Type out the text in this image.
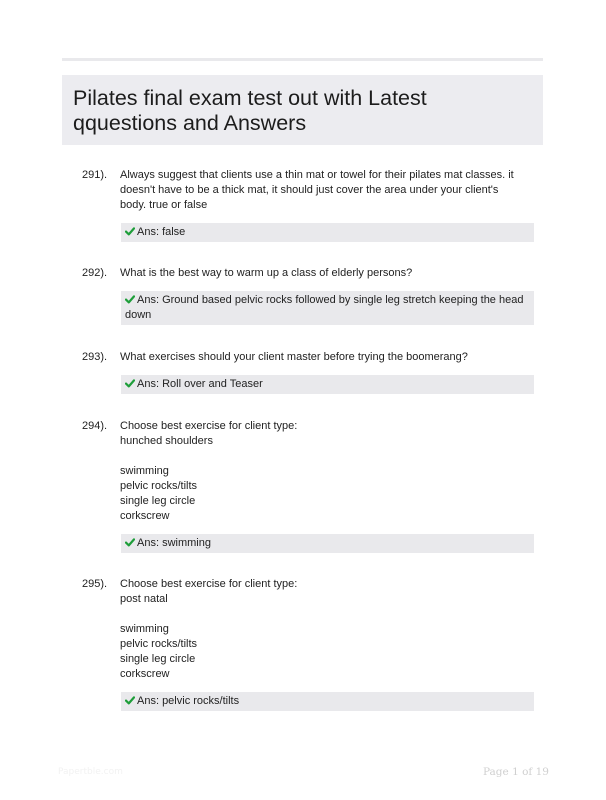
Pilates final exam test out with Latest qquestions and Answers
291). Always suggest that clients use a thin mat or towel for their pilates mat classes. it doesn't have to be a thick mat, it should just cover the area under your client's body. true or false
Ans: false
292). What is the best way to warm up a class of elderly persons?
Ans: Ground based pelvic rocks followed by single leg stretch keeping the head down
293). What exercises should your client master before trying the boomerang?
Ans: Roll over and Teaser
294). Choose best exercise for client type:
hunched shoulders
swimming
pelvic rocks/tilts
single leg circle
corkscrew
Ans: swimming
295). Choose best exercise for client type:
post natal
swimming
pelvic rocks/tilts
single leg circle
corkscrew
Ans: pelvic rocks/tilts
Papertble.com	Page 1 of 19
